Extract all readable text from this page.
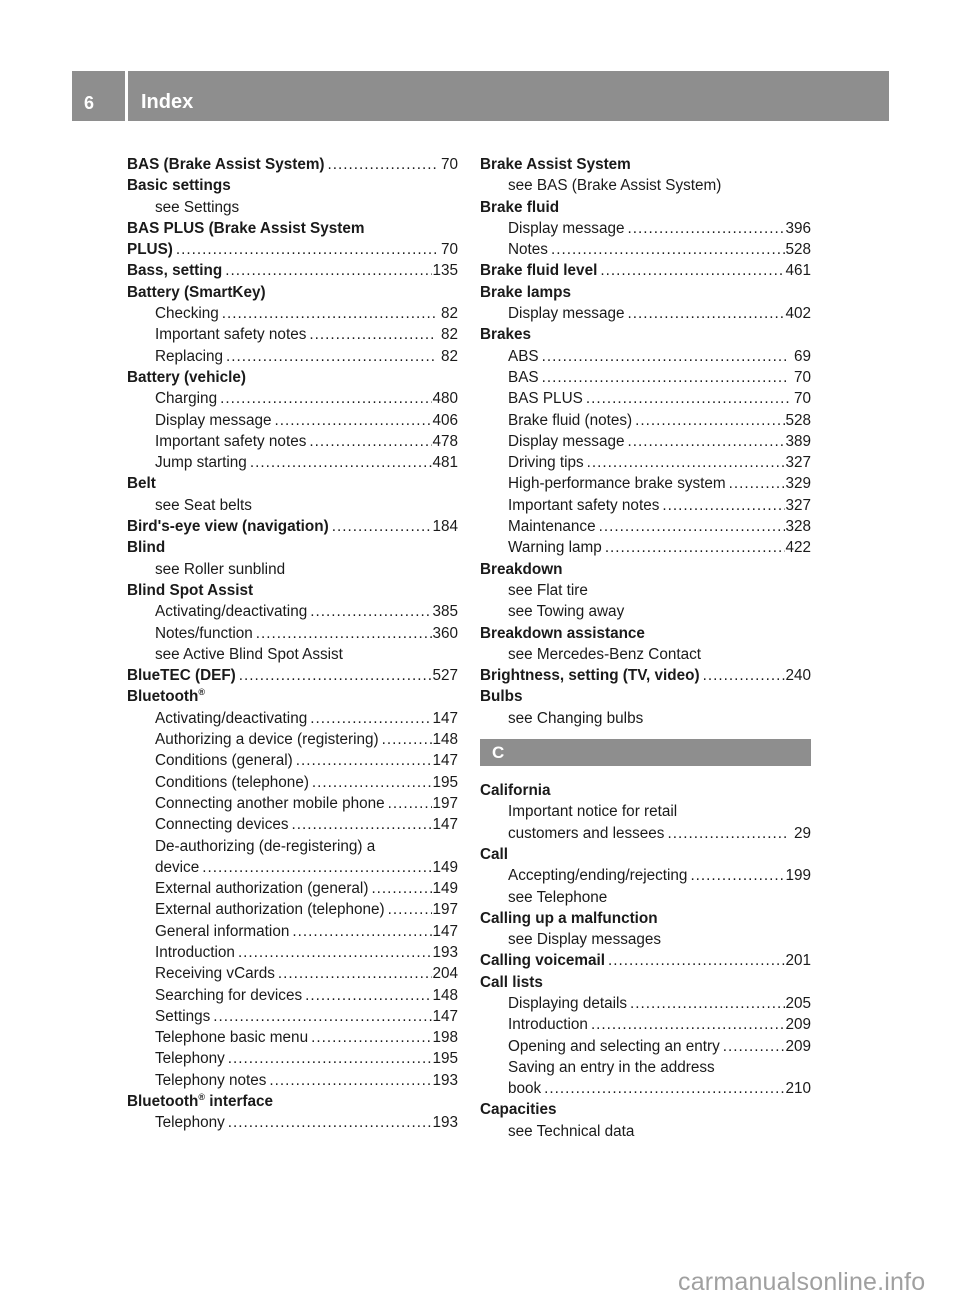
6	Index
BAS (Brake Assist System) .....	70
Basic settings
see Settings
BAS PLUS (Brake Assist System
PLUS) .....	70
Bass, setting .....	135
Battery (SmartKey)
Checking .....	82
Important safety notes .....	82
Replacing .....	82
Battery (vehicle)
Charging .....	480
Display message .....	406
Important safety notes .....	478
Jump starting .....	481
Belt
see Seat belts
Bird's-eye view (navigation) .....	184
Blind
see Roller sunblind
Blind Spot Assist
Activating/deactivating .....	385
Notes/function .....	360
see Active Blind Spot Assist
BlueTEC (DEF) .....	527
Bluetooth®
Activating/deactivating .....	147
Authorizing a device (registering) .....	148
Conditions (general) .....	147
Conditions (telephone) .....	195
Connecting another mobile phone .....	197
Connecting devices .....	147
De-authorizing (de-registering) a
device .....	149
External authorization (general) .....	149
External authorization (telephone) .....	197
General information .....	147
Introduction .....	193
Receiving vCards .....	204
Searching for devices .....	148
Settings .....	147
Telephone basic menu .....	198
Telephony .....	195
Telephony notes .....	193
Bluetooth® interface
Telephony .....	193
Brake Assist System
see BAS (Brake Assist System)
Brake fluid
Display message .....	396
Notes .....	528
Brake fluid level .....	461
Brake lamps
Display message .....	402
Brakes
ABS .....	69
BAS .....	70
BAS PLUS .....	70
Brake fluid (notes) .....	528
Display message .....	389
Driving tips .....	327
High-performance brake system .....	329
Important safety notes .....	327
Maintenance .....	328
Warning lamp .....	422
Breakdown
see Flat tire
see Towing away
Breakdown assistance
see Mercedes-Benz Contact
Brightness, setting (TV, video) .....	240
Bulbs
see Changing bulbs
C
California
Important notice for retail
customers and lessees .....	29
Call
Accepting/ending/rejecting .....	199
see Telephone
Calling up a malfunction
see Display messages
Calling voicemail .....	201
Call lists
Displaying details .....	205
Introduction .....	209
Opening and selecting an entry .....	209
Saving an entry in the address
book .....	210
Capacities
see Technical data
carmanualsonline.info
